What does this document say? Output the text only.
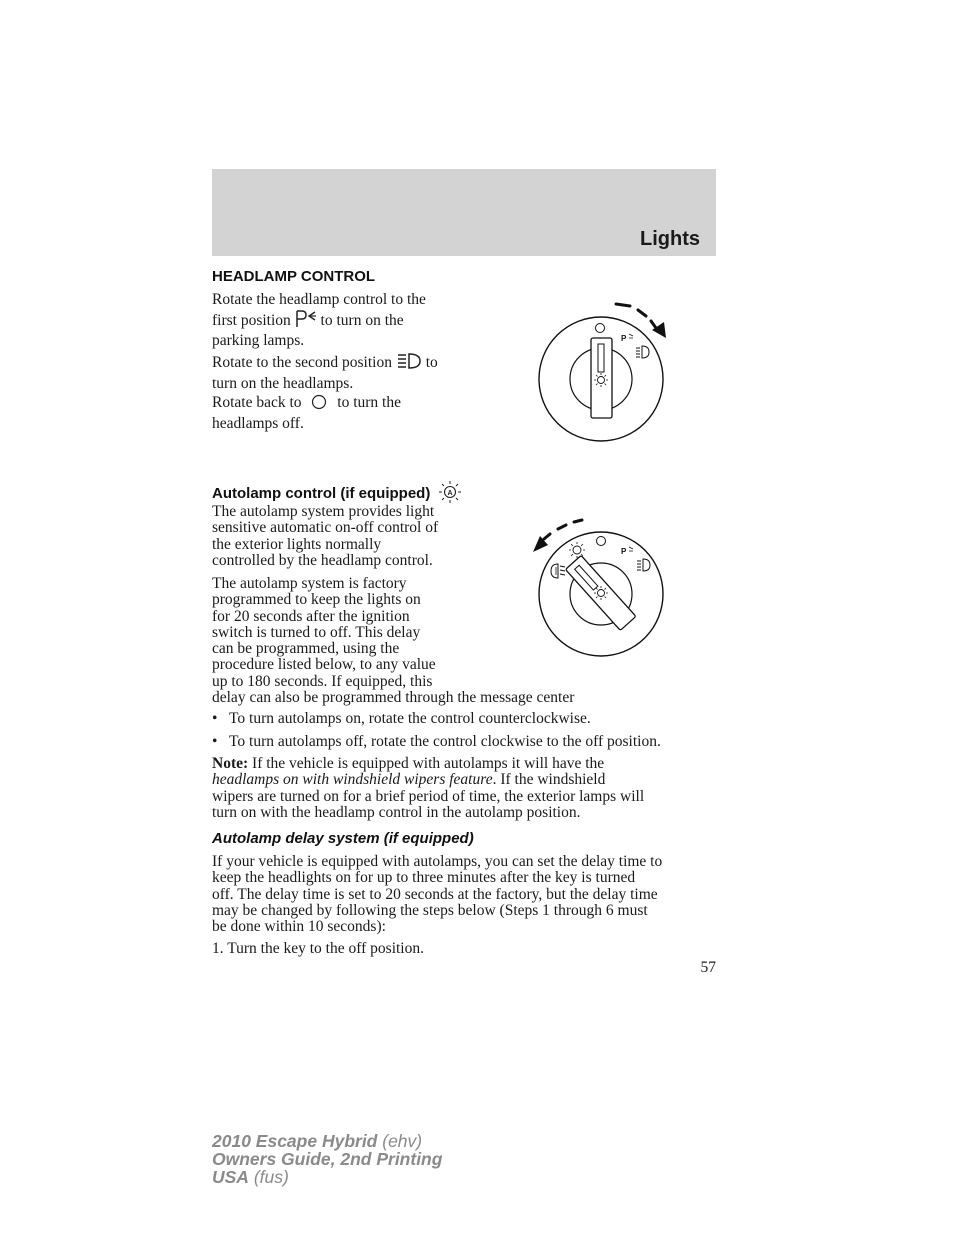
Lights
HEADLAMP CONTROL
Rotate the headlamp control to the
first position to turn on the
parking lamps.
Rotate to the second position to
turn on the headlamps.
Rotate back to to turn the
headlamps off.
P
Autolamp control (if equipped) A
The autolamp system provides light
sensitive automatic on-off control of
the exterior lights normally
controlled by the headlamp control.
The autolamp system is factory
programmed to keep the lights on
for 20 seconds after the ignition
switch is turned to off. This delay
can be programmed, using the
procedure listed below, to any value
up to 180 seconds. If equipped, this
delay can also be programmed through the message center
P
• To turn autolamps on, rotate the control counterclockwise.
• To turn autolamps off, rotate the control clockwise to the off position.
Note: If the vehicle is equipped with autolamps it will have the
headlamps on with windshield wipers feature. If the windshield
wipers are turned on for a brief period of time, the exterior lamps will
turn on with the headlamp control in the autolamp position.
Autolamp delay system (if equipped)
If your vehicle is equipped with autolamps, you can set the delay time to
keep the headlights on for up to three minutes after the key is turned
off. The delay time is set to 20 seconds at the factory, but the delay time
may be changed by following the steps below (Steps 1 through 6 must
be done within 10 seconds):
1. Turn the key to the off position.
57
2010 Escape Hybrid (ehv)
Owners Guide, 2nd Printing
USA (fus)
